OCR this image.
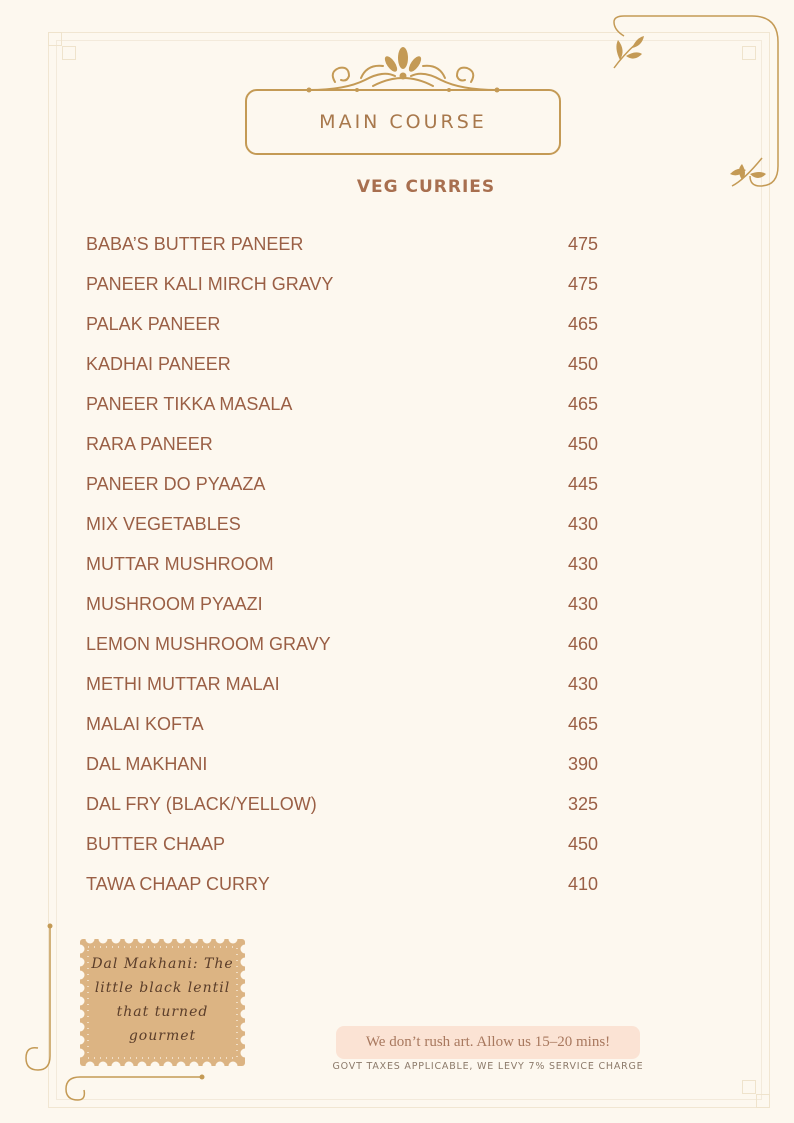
MAIN COURSE
VEG CURRIES
BABA’S BUTTER PANEER	475
PANEER KALI MIRCH GRAVY	475
PALAK PANEER	465
KADHAI PANEER	450
PANEER TIKKA MASALA	465
RARA PANEER	450
PANEER DO PYAAZA	445
MIX VEGETABLES	430
MUTTAR MUSHROOM	430
MUSHROOM PYAAZI	430
LEMON MUSHROOM GRAVY	460
METHI MUTTAR MALAI	430
MALAI KOFTA	465
DAL MAKHANI	390
DAL FRY (BLACK/YELLOW)	325
BUTTER CHAAP	450
TAWA CHAAP CURRY	410
Dal Makhani: The
little black lentil
that turned
gourmet	We don’t rush art. Allow us 15–20 mins!
GOVT TAXES APPLICABLE, WE LEVY 7% SERVICE CHARGE
